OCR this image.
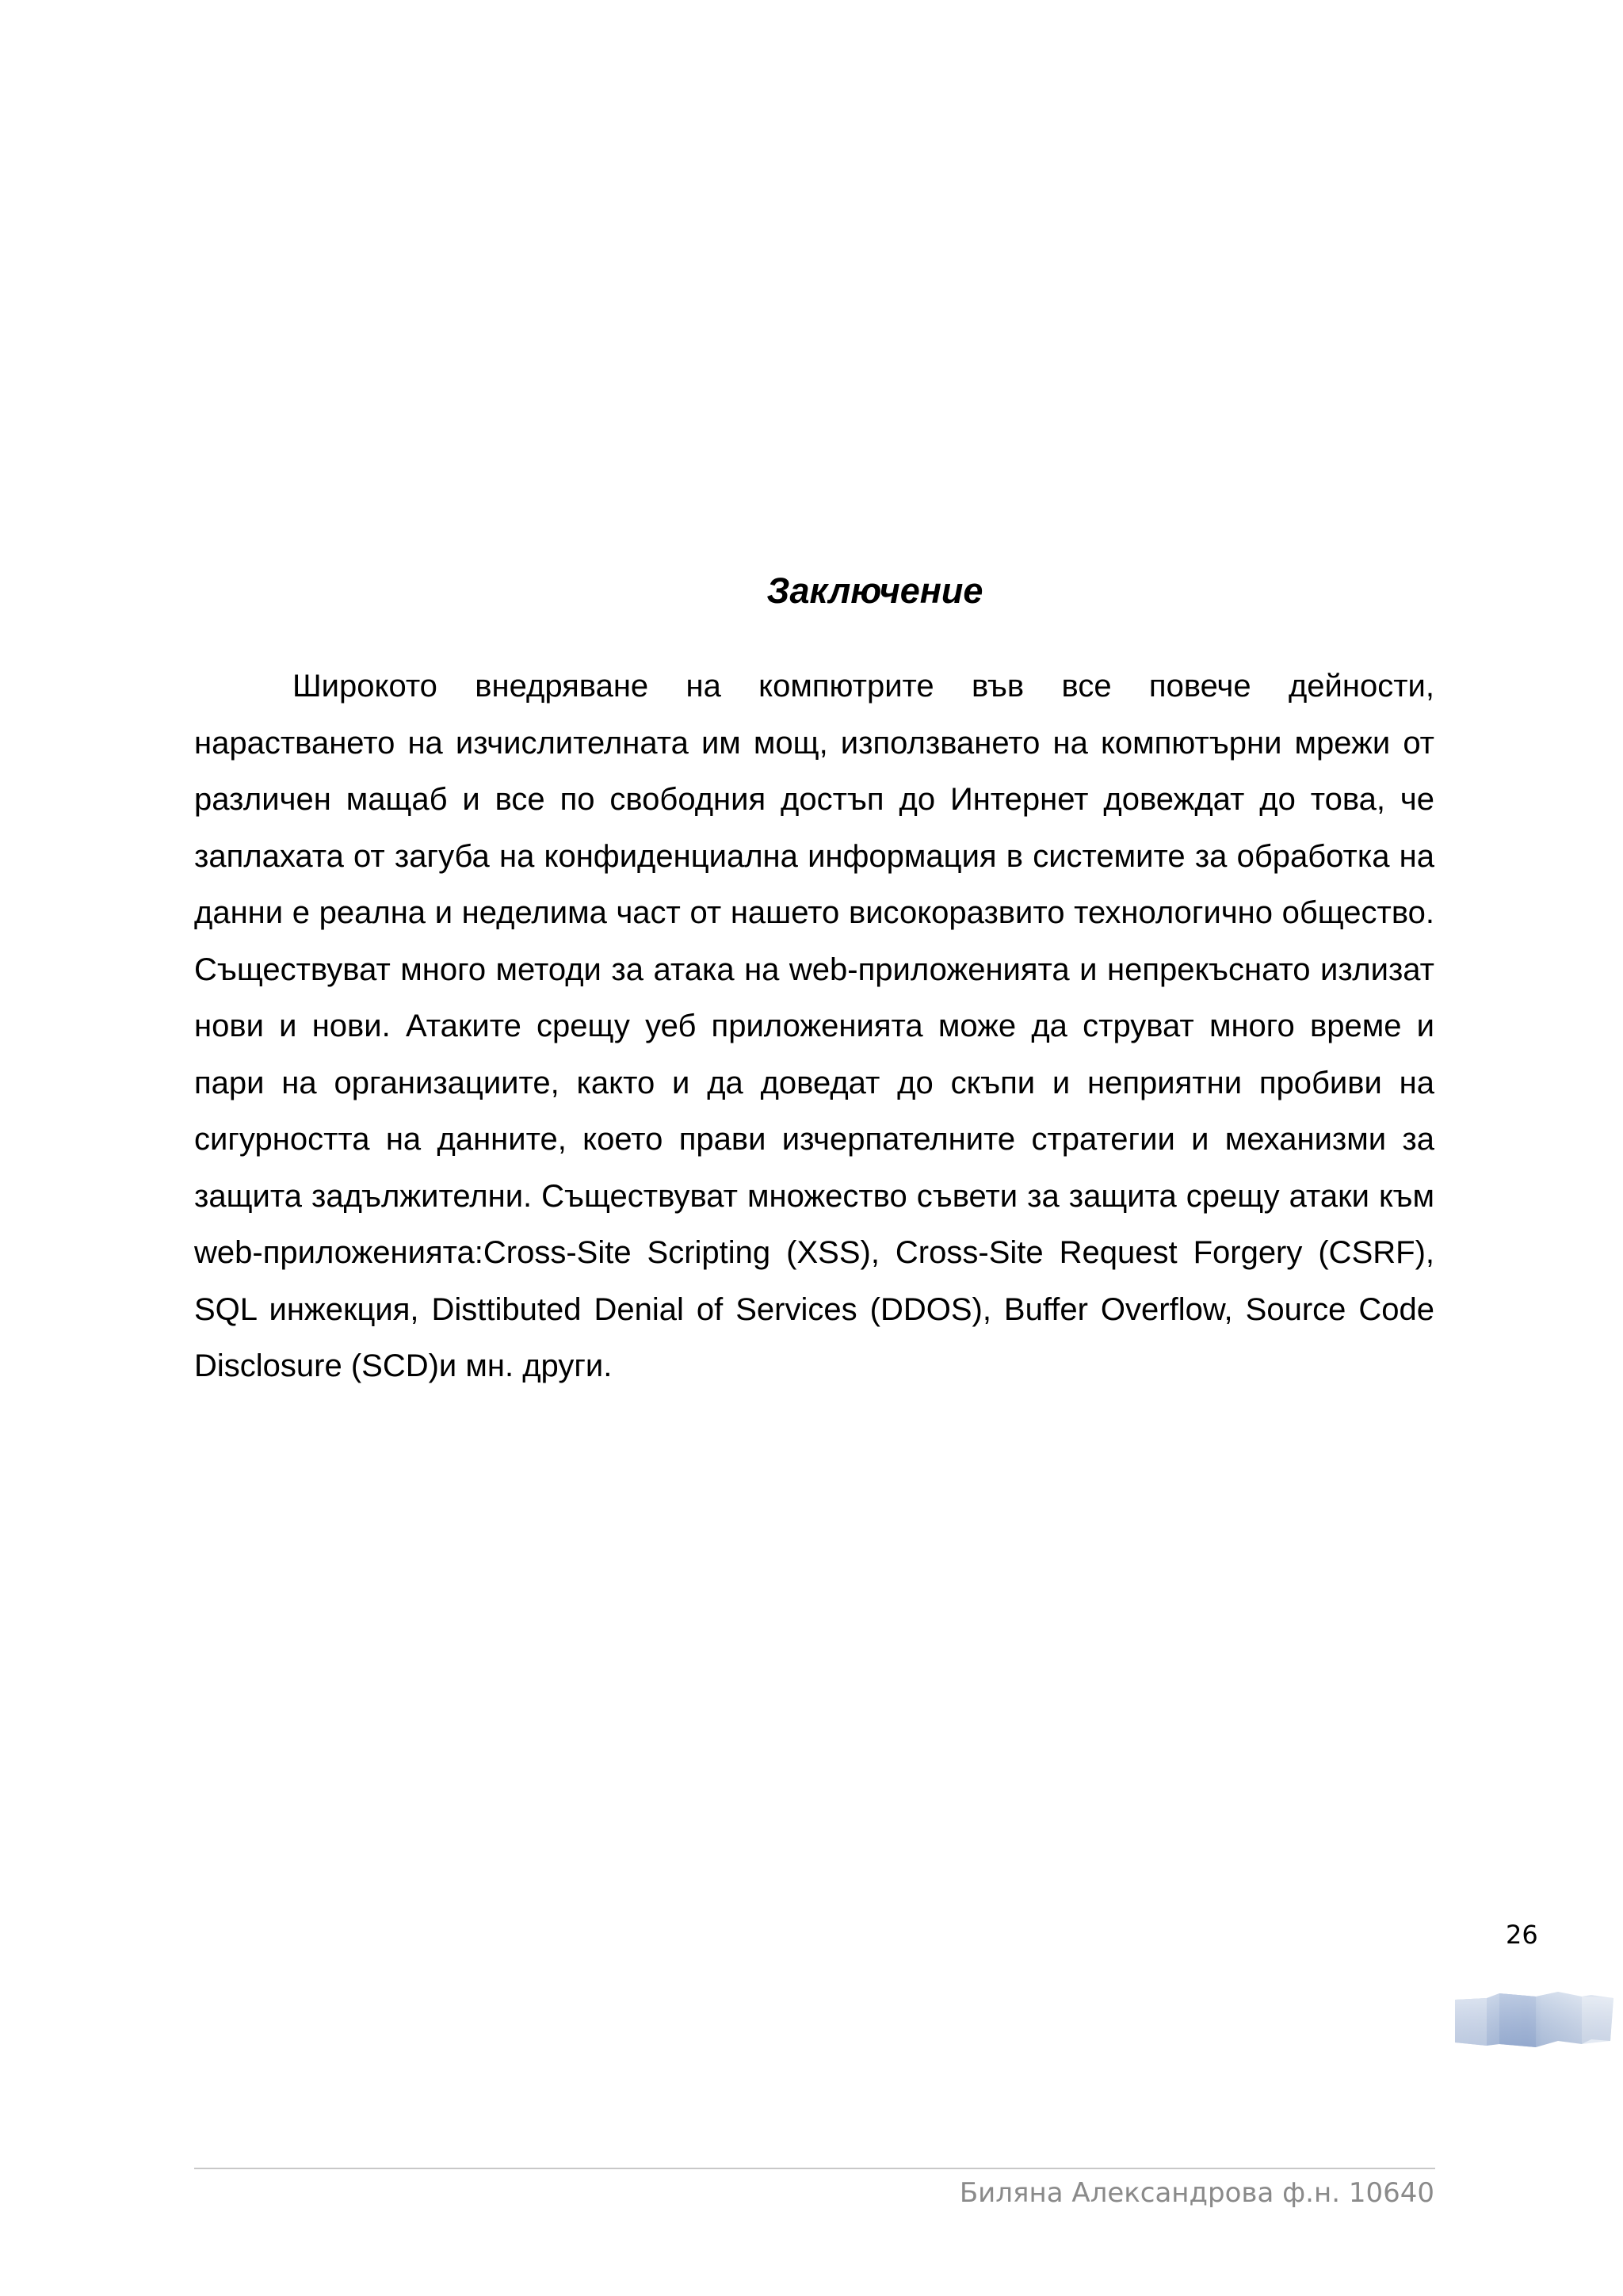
Заключение

Широкото внедряване на компютрите във все повече дейности, нарастването на изчислителната им мощ, използването на компютърни мрежи от различен мащаб и все по свободния достъп до Интернет довеждат до това, че заплахата от загуба на конфиденциална информация в системите за обработка на данни е реална и неделима част от нашето високоразвито технологично общество. Съществуват много методи за атака на web-приложенията и непрекъснато излизат нови и нови. Атаките срещу уеб приложенията може да струват много време и пари на организациите, както и да доведат до скъпи и неприятни пробиви на сигурността на данните, което прави изчерпателните стратегии и механизми за защита задължителни. Съществуват множество съвети за защита срещу атаки към web-приложенията:Cross-Site Scripting (XSS), Cross-Site Request Forgery (CSRF), SQL инжекция, Disttibuted Denial of Services (DDOS), Buffer Overflow, Source Code Disclosure (SCD)и мн. други.

26
Биляна Александрова ф.н. 10640
